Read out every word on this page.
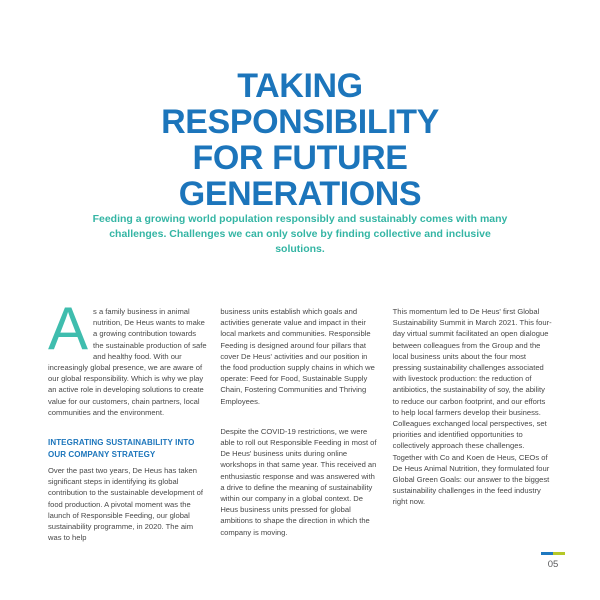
TAKING
RESPONSIBILITY
FOR FUTURE
GENERATIONS

Feeding a growing world population responsibly and sustainably comes with many challenges. Challenges we can only solve by finding collective and inclusive solutions.

As a family business in animal nutrition, De Heus wants to make a growing contribution towards the sustainable production of safe and healthy food. With our increasingly global presence, we are aware of our global responsibility. Which is why we play an active role in developing solutions to create value for our customers, chain partners, local communities and the environment.

INTEGRATING SUSTAINABILITY INTO OUR COMPANY STRATEGY

Over the past two years, De Heus has taken significant steps in identifying its global contribution to the sustainable development of food production. A pivotal moment was the launch of Responsible Feeding, our global sustainability programme, in 2020. The aim was to help

business units establish which goals and activities generate value and impact in their local markets and communities. Responsible Feeding is designed around four pillars that cover De Heus' activities and our position in the food production supply chains in which we operate: Feed for Food, Sustainable Supply Chain, Fostering Communities and Thriving Employees.

Despite the COVID-19 restrictions, we were able to roll out Responsible Feeding in most of De Heus' business units during online workshops in that same year. This received an enthusiastic response and was answered with a drive to define the meaning of sustainability within our company in a global context. De Heus business units pressed for global ambitions to shape the direction in which the company is moving.

This momentum led to De Heus' first Global Sustainability Summit in March 2021. This four-day virtual summit facilitated an open dialogue between colleagues from the Group and the local business units about the four most pressing sustainability challenges associated with livestock production: the reduction of antibiotics, the sustainability of soy, the ability to reduce our carbon footprint, and our efforts to help local farmers develop their business. Colleagues exchanged local perspectives, set priorities and identified opportunities to collectively approach these challenges. Together with Co and Koen de Heus, CEOs of De Heus Animal Nutrition, they formulated four Global Green Goals: our answer to the biggest sustainability challenges in the feed industry right now.

05
